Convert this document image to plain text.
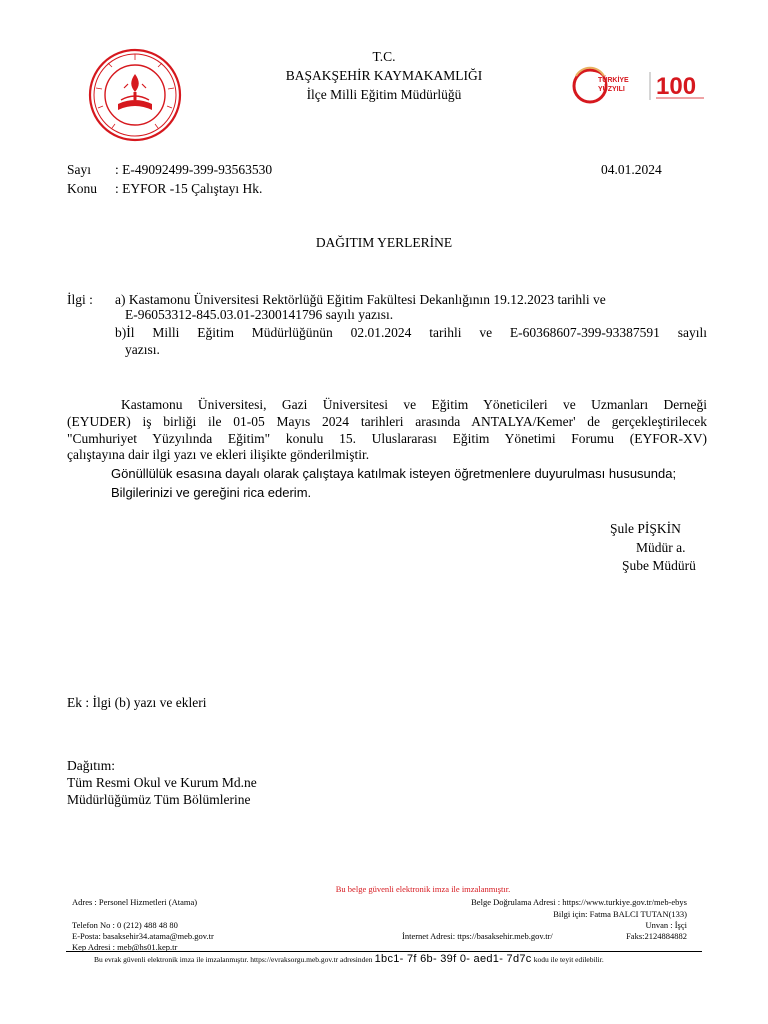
T.C.
BAŞAKŞEHİR KAYMAKAMLIĞI
İlçe Milli Eğitim Müdürlüğü
TÜRKİYE
YÜZYILI 100
Sayı : E-49092499-399-93563530	04.01.2024
Konu : EYFOR -15 Çalıştayı Hk.
DAĞITIM YERLERİNE
İlgi : a) Kastamonu Üniversitesi Rektörlüğü Eğitim Fakültesi Dekanlığının 19.12.2023 tarihli ve
E-96053312-845.03.01-2300141796 sayılı yazısı.
b)İl Milli Eğitim Müdürlüğünün 02.01.2024 tarihli ve E-60368607-399-93387591 sayılı
yazısı.
Kastamonu Üniversitesi, Gazi Üniversitesi ve Eğitim Yöneticileri ve Uzmanları Derneği
(EYUDER) iş birliği ile 01-05 Mayıs 2024 tarihleri arasında ANTALYA/Kemer' de gerçekleştirilecek
"Cumhuriyet Yüzyılında Eğitim" konulu 15. Uluslararası Eğitim Yönetimi Forumu (EYFOR-XV)
çalıştayına dair ilgi yazı ve ekleri ilişikte gönderilmiştir.
Gönüllülük esasına dayalı olarak çalıştaya katılmak isteyen öğretmenlere duyurulması hususunda;
Bilgilerinizi ve gereğini rica ederim.
Şule PİŞKİN
Müdür a.
Şube Müdürü
Ek : İlgi (b) yazı ve ekleri
Dağıtım:
Tüm Resmi Okul ve Kurum Md.ne
Müdürlüğümüz Tüm Bölümlerine
Bu belge güvenli elektronik imza ile imzalanmıştır.
Adres : Personel Hizmetleri (Atama)	Belge Doğrulama Adresi : https://www.turkiye.gov.tr/meb-ebys
Bilgi için: Fatma BALCI TUTAN(133)
Telefon No : 0 (212) 488 48 80	Unvan : İşçi
E-Posta: basaksehir34.atama@meb.gov.tr	İnternet Adresi: ttps://basaksehir.meb.gov.tr/	Faks:2124884882
Kep Adresi : meb@hs01.kep.tr
Bu evrak güvenli elektronik imza ile imzalanmıştır. https://evraksorgu.meb.gov.tr adresinden 1bc1- 7f 6b- 39f 0- aed1- 7d7c kodu ile teyit edilebilir.
